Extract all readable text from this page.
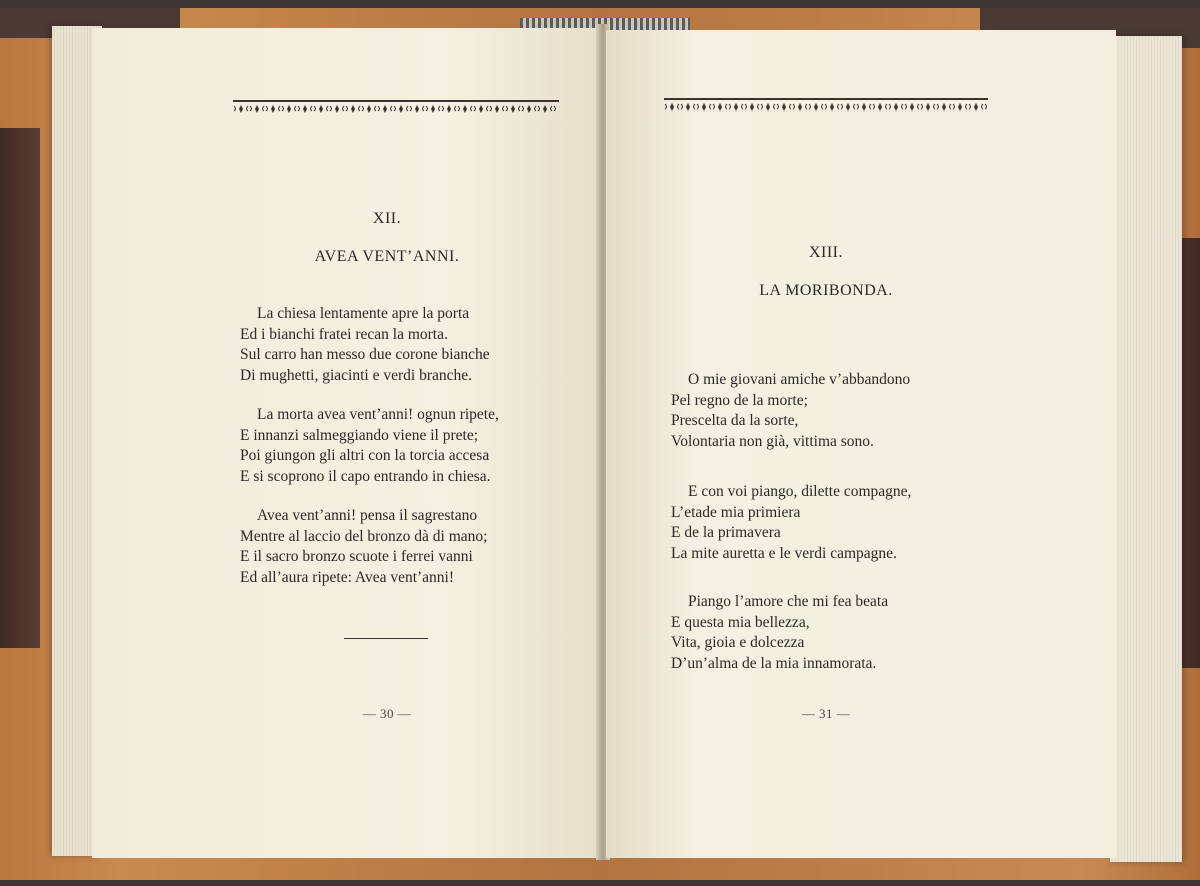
XII.
AVEA VENT’ANNI.
La chiesa lentamente apre la porta
Ed i bianchi fratei recan la morta.
Sul carro han messo due corone bianche
Di mughetti, giacinti e verdi branche.
La morta avea vent’anni! ognun ripete,
E innanzi salmeggiando viene il prete;
Poi giungon gli altri con la torcia accesa
E si scoprono il capo entrando in chiesa.
Avea vent’anni! pensa il sagrestano
Mentre al laccio del bronzo dà di mano;
E il sacro bronzo scuote i ferrei vanni
Ed all’aura ripete: Avea vent’anni!
— 30 —
XIII.
LA MORIBONDA.
O mie giovani amiche v’abbandono
Pel regno de la morte;
Prescelta da la sorte,
Volontaria non già, vittima sono.
E con voi piango, dilette compagne,
L’etade mia primiera
E de la primavera
La mite auretta e le verdi campagne.
Piango l’amore che mi fea beata
E questa mia bellezza,
Vita, gioia e dolcezza
D’un’alma de la mia innamorata.
— 31 —
